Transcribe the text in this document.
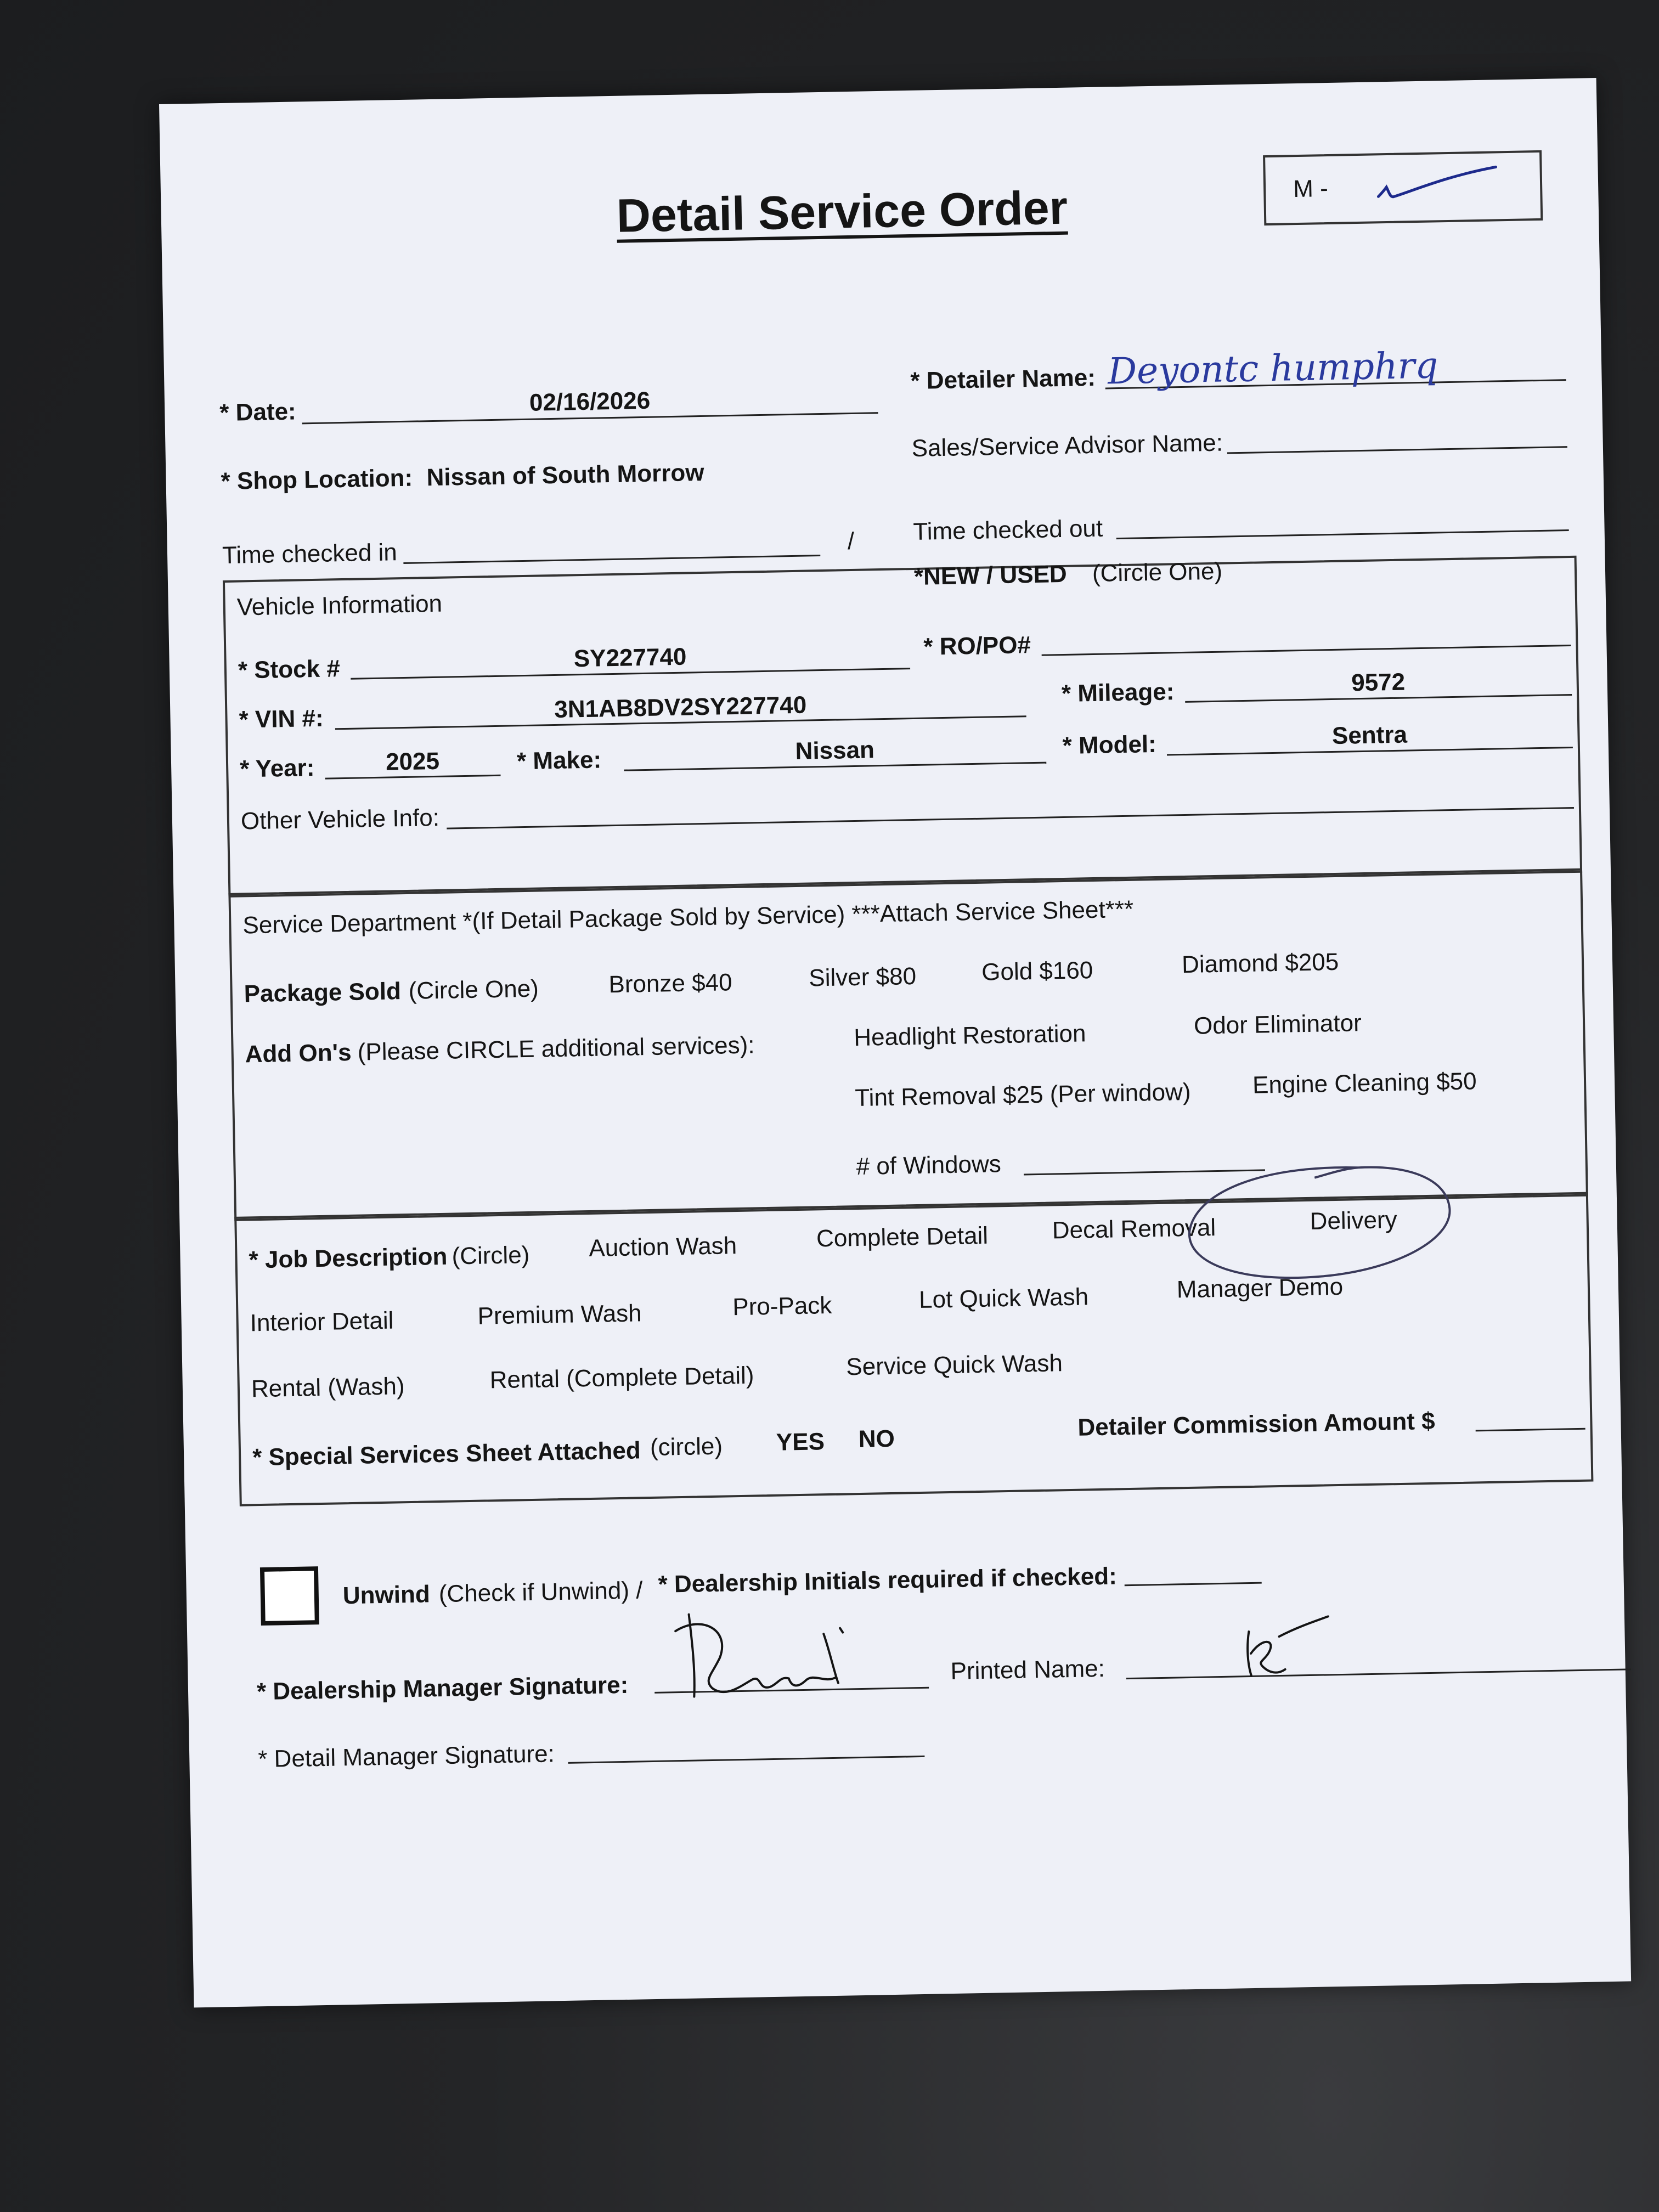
Detail Service Order	M -
* Date:	02/16/2026
* Detailer Name: Deyontc humphrq
Sales/Service Advisor Name:
* Shop Location: Nissan of South Morrow
Time checked in	/ Time checked out
Vehicle Information
*NEW / USED (Circle One)
* Stock #	SY227740	* RO/PO#
* VIN #:	3N1AB8DV2SY227740	* Mileage:	9572
* Year:	2025	* Make:	Nissan	* Model:	Sentra
Other Vehicle Info:
Service Department *(If Detail Package Sold by Service) ***Attach Service Sheet***
Package Sold (Circle One)	Bronze $40	Silver $80	Gold $160	Diamond $205
Add On's (Please CIRCLE additional services):	Headlight Restoration	Odor Eliminator
Tint Removal $25 (Per window)	Engine Cleaning $50
# of Windows
* Job Description (Circle) Auction Wash	Complete Detail	Decal Removal	Delivery
Interior Detail	Premium Wash	Pro-Pack	Lot Quick Wash	Manager Demo
Rental (Wash)	Rental (Complete Detail)	Service Quick Wash
* Special Services Sheet Attached (circle) YES NO	Detailer Commission Amount $
Unwind (Check if Unwind) / * Dealership Initials required if checked:
* Dealership Manager Signature:
Printed Name:
* Detail Manager Signature:
